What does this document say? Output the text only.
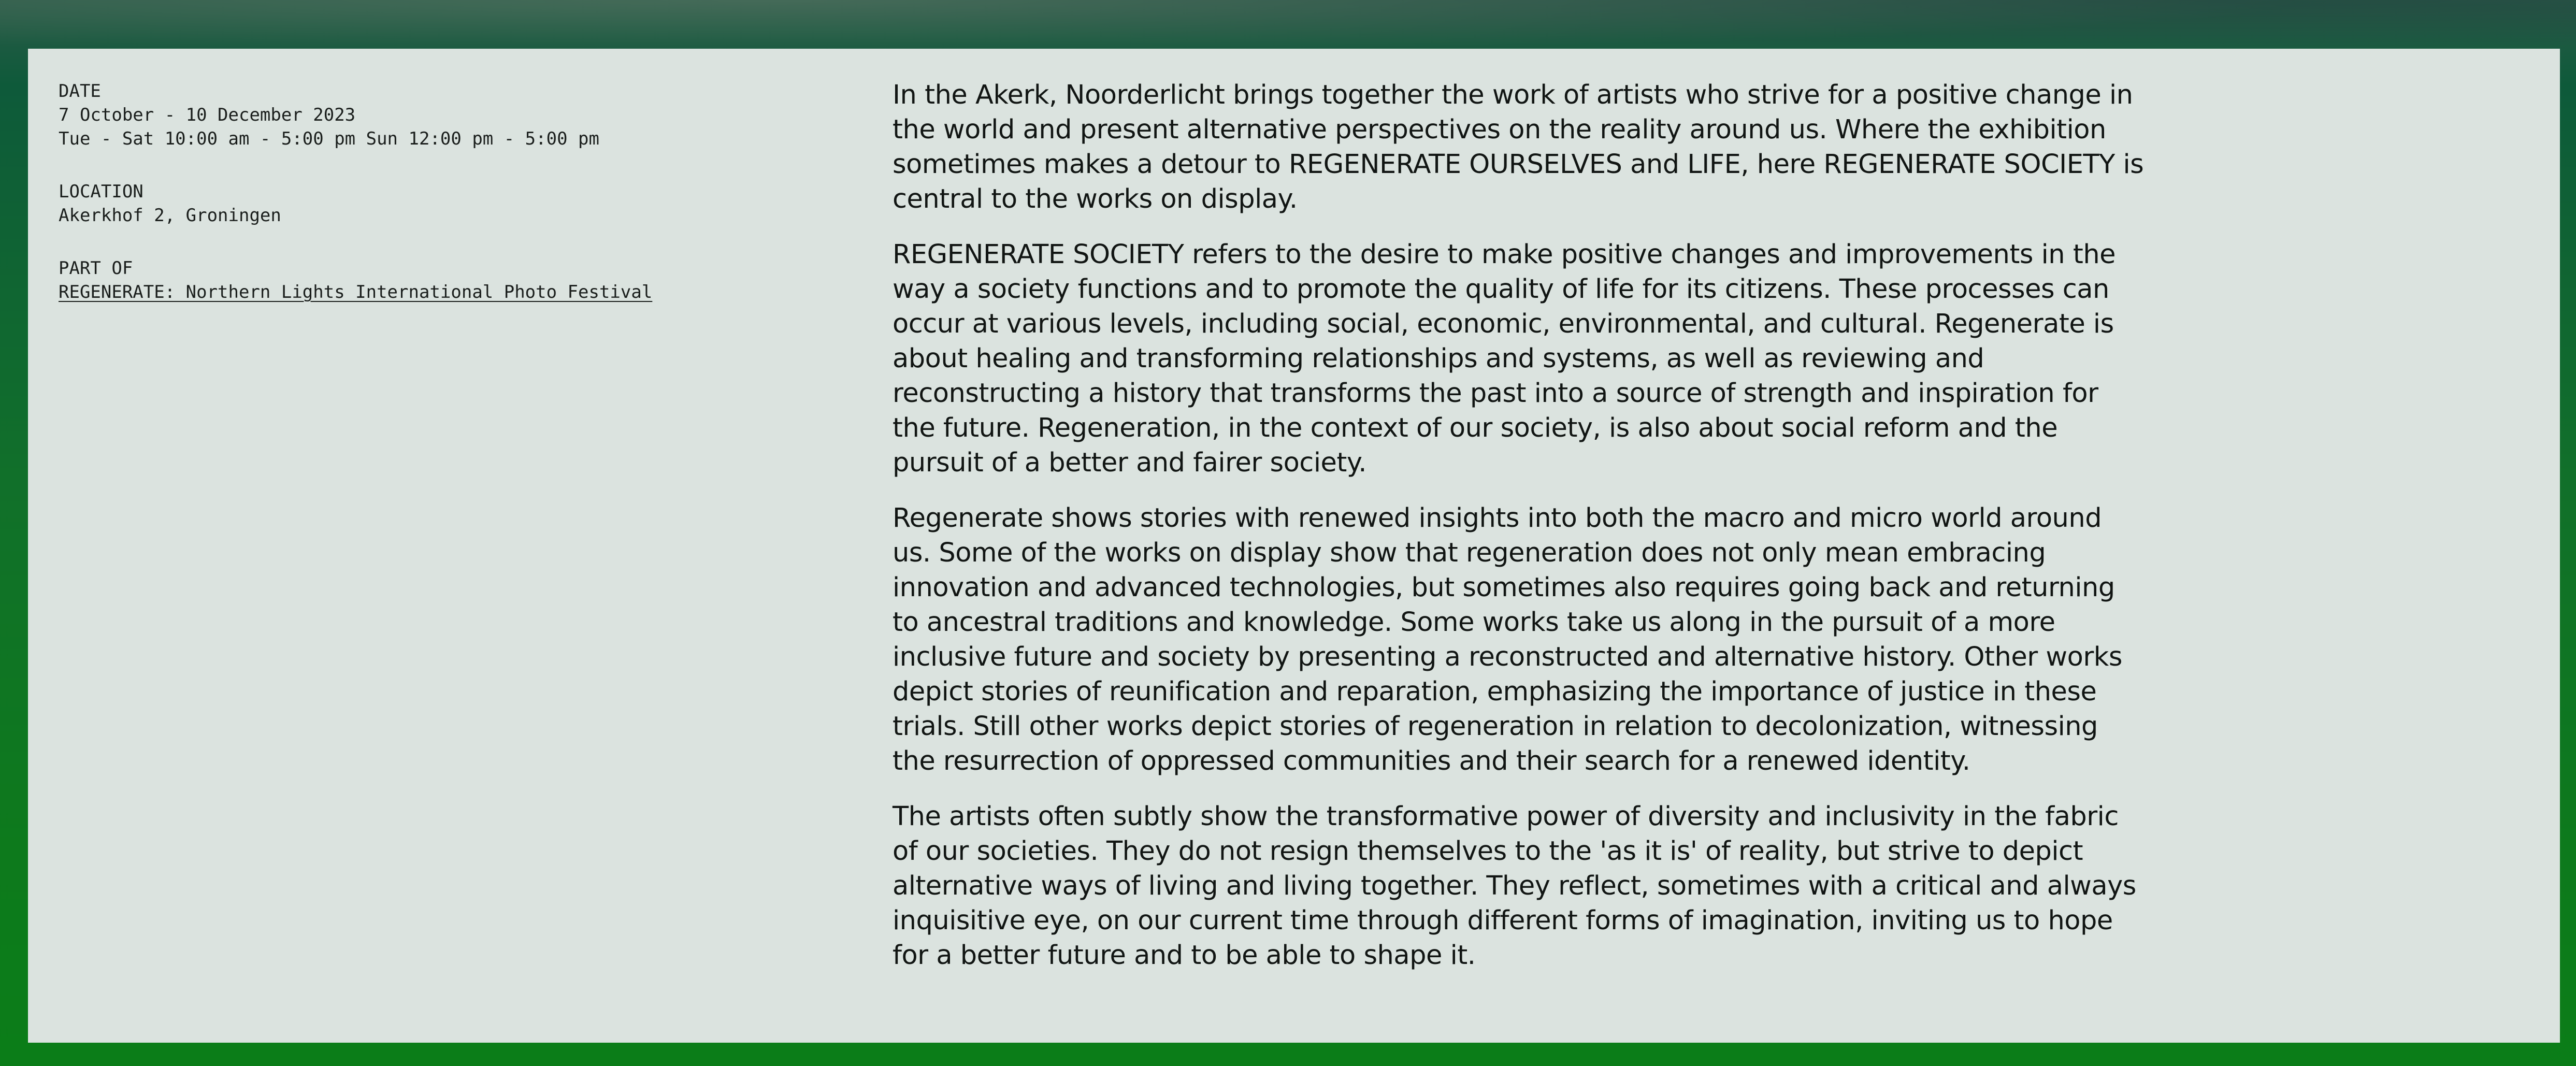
DATE
7 October - 10 December 2023
Tue - Sat 10:00 am - 5:00 pm Sun 12:00 pm - 5:00 pm
LOCATION
Akerkhof 2, Groningen
PART OF
REGENERATE: Northern Lights International Photo Festival

In the Akerk, Noorderlicht brings together the work of artists who strive for a positive change in the world and present alternative perspectives on the reality around us. Where the exhibition sometimes makes a detour to REGENERATE OURSELVES and LIFE, here REGENERATE SOCIETY is central to the works on display.

REGENERATE SOCIETY refers to the desire to make positive changes and improvements in the way a society functions and to promote the quality of life for its citizens. These processes can occur at various levels, including social, economic, environmental, and cultural. Regenerate is about healing and transforming relationships and systems, as well as reviewing and reconstructing a history that transforms the past into a source of strength and inspiration for the future. Regeneration, in the context of our society, is also about social reform and the pursuit of a better and fairer society.

Regenerate shows stories with renewed insights into both the macro and micro world around us. Some of the works on display show that regeneration does not only mean embracing innovation and advanced technologies, but sometimes also requires going back and returning to ancestral traditions and knowledge. Some works take us along in the pursuit of a more inclusive future and society by presenting a reconstructed and alternative history. Other works depict stories of reunification and reparation, emphasizing the importance of justice in these trials. Still other works depict stories of regeneration in relation to decolonization, witnessing the resurrection of oppressed communities and their search for a renewed identity.

The artists often subtly show the transformative power of diversity and inclusivity in the fabric of our societies. They do not resign themselves to the 'as it is' of reality, but strive to depict alternative ways of living and living together. They reflect, sometimes with a critical and always inquisitive eye, on our current time through different forms of imagination, inviting us to hope for a better future and to be able to shape it.
